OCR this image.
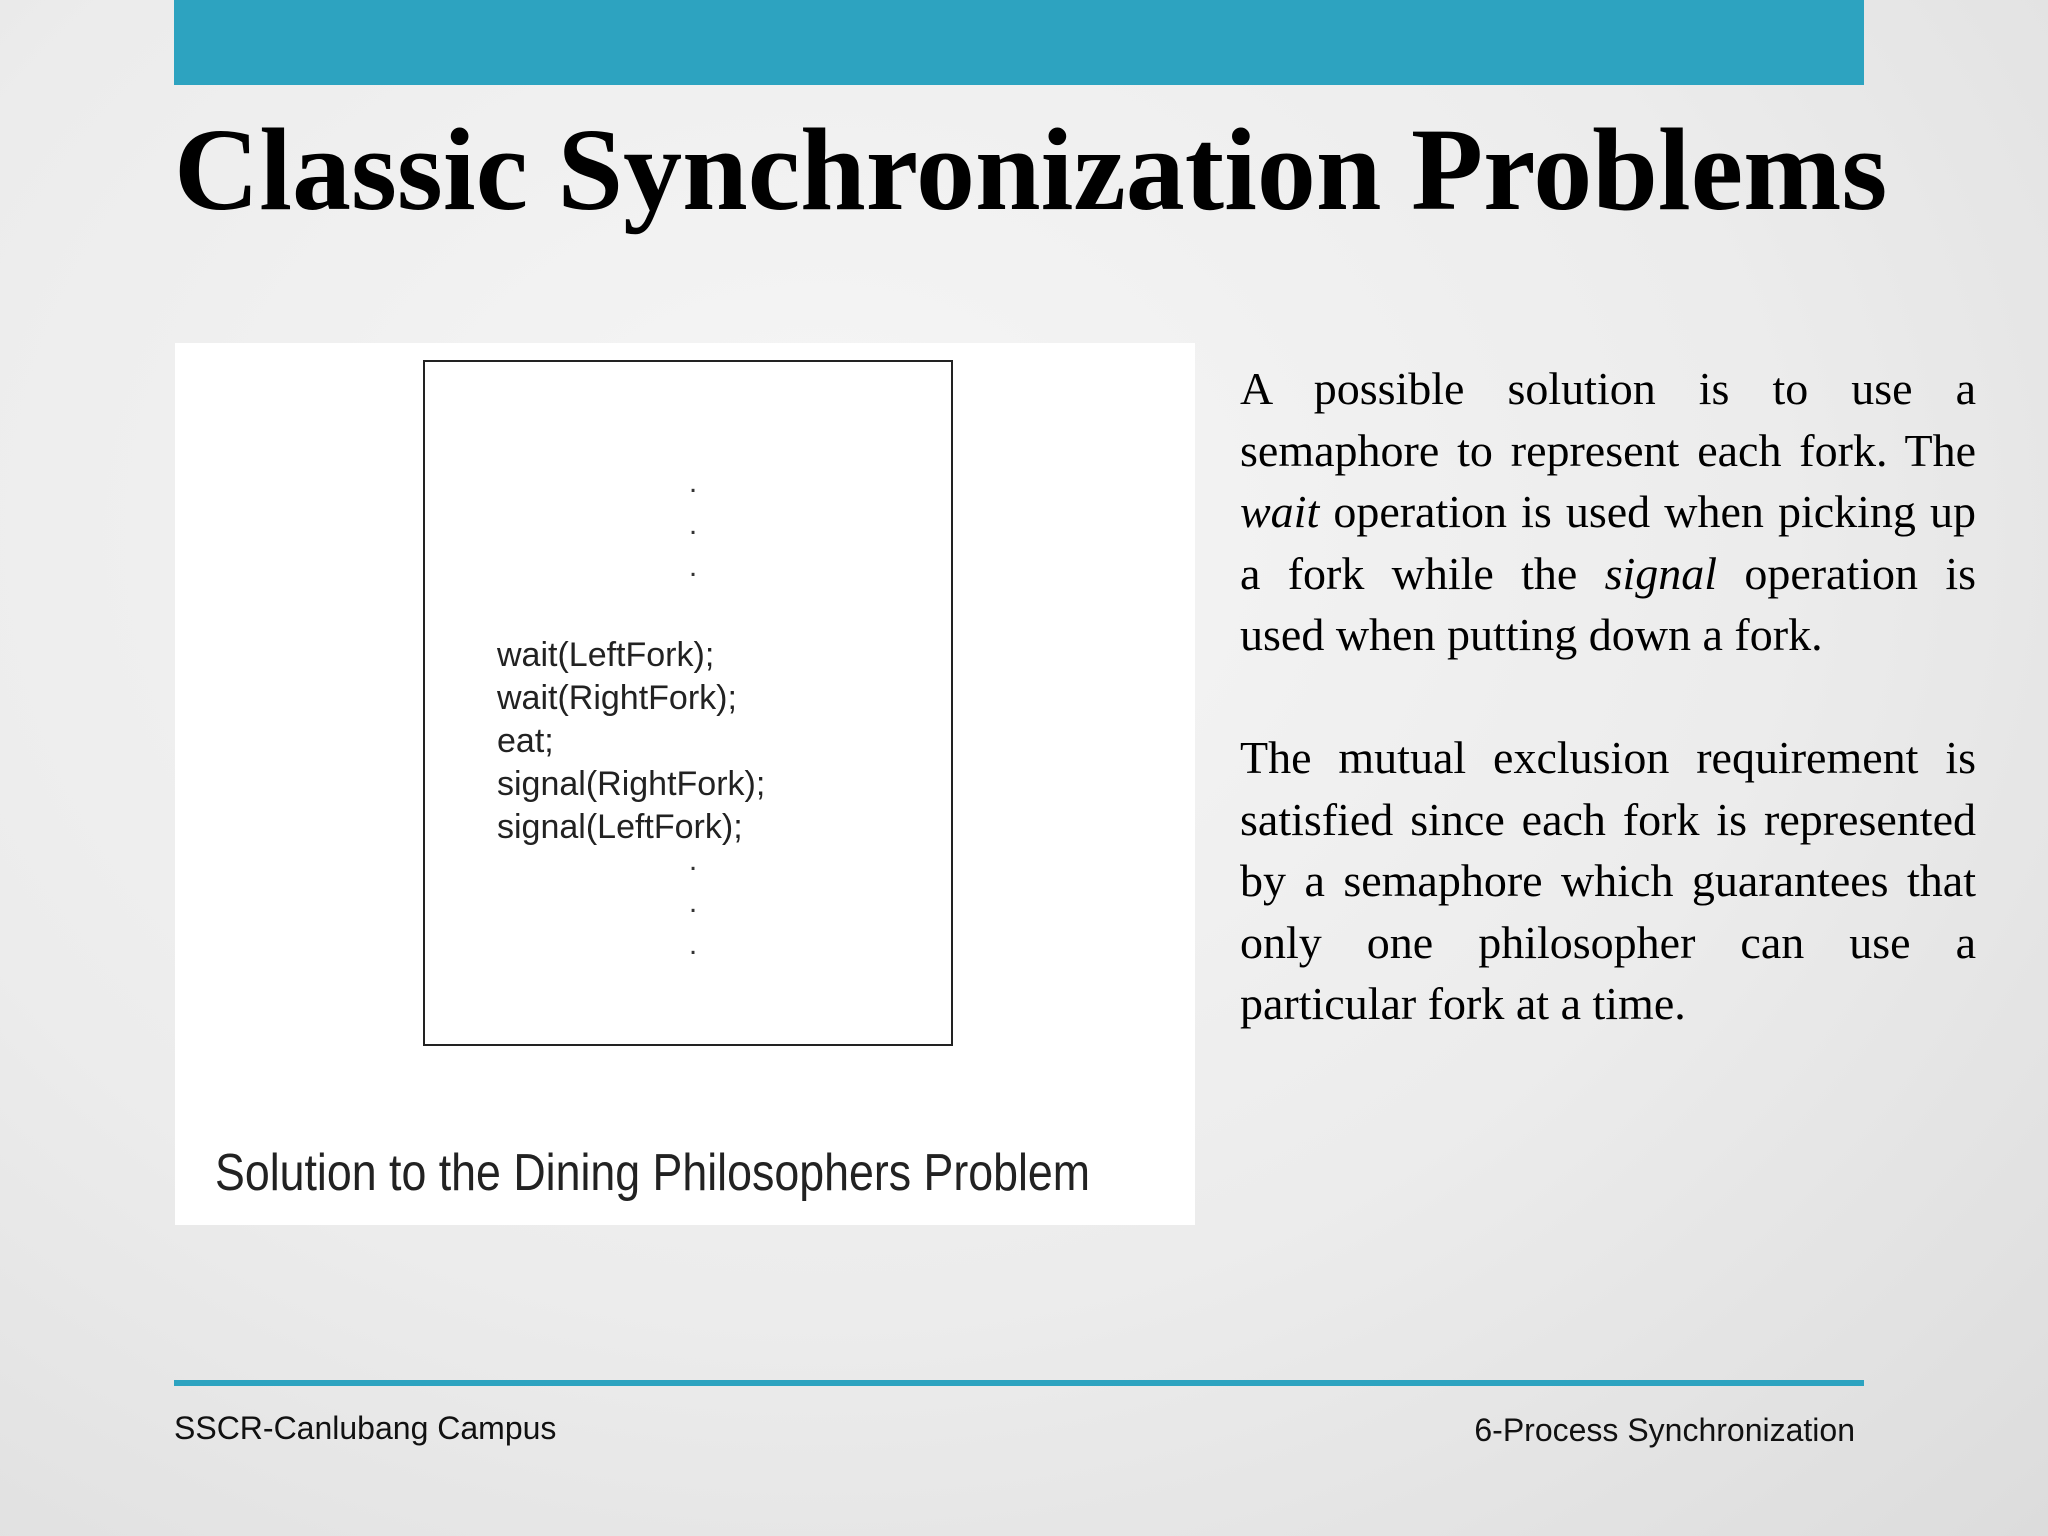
Classic Synchronization Problems
.
.
.
wait(LeftFork);
wait(RightFork);
eat;
signal(RightFork);
signal(LeftFork);
.
.
.
Solution to the Dining Philosophers Problem

A possible solution is to use a semaphore to represent each fork. The wait operation is used when picking up a fork while the signal operation is used when putting down a fork.

The mutual exclusion requirement is satisfied since each fork is represented by a semaphore which guarantees that only one philosopher can use a particular fork at a time.

SSCR-Canlubang Campus	6-Process Synchronization
